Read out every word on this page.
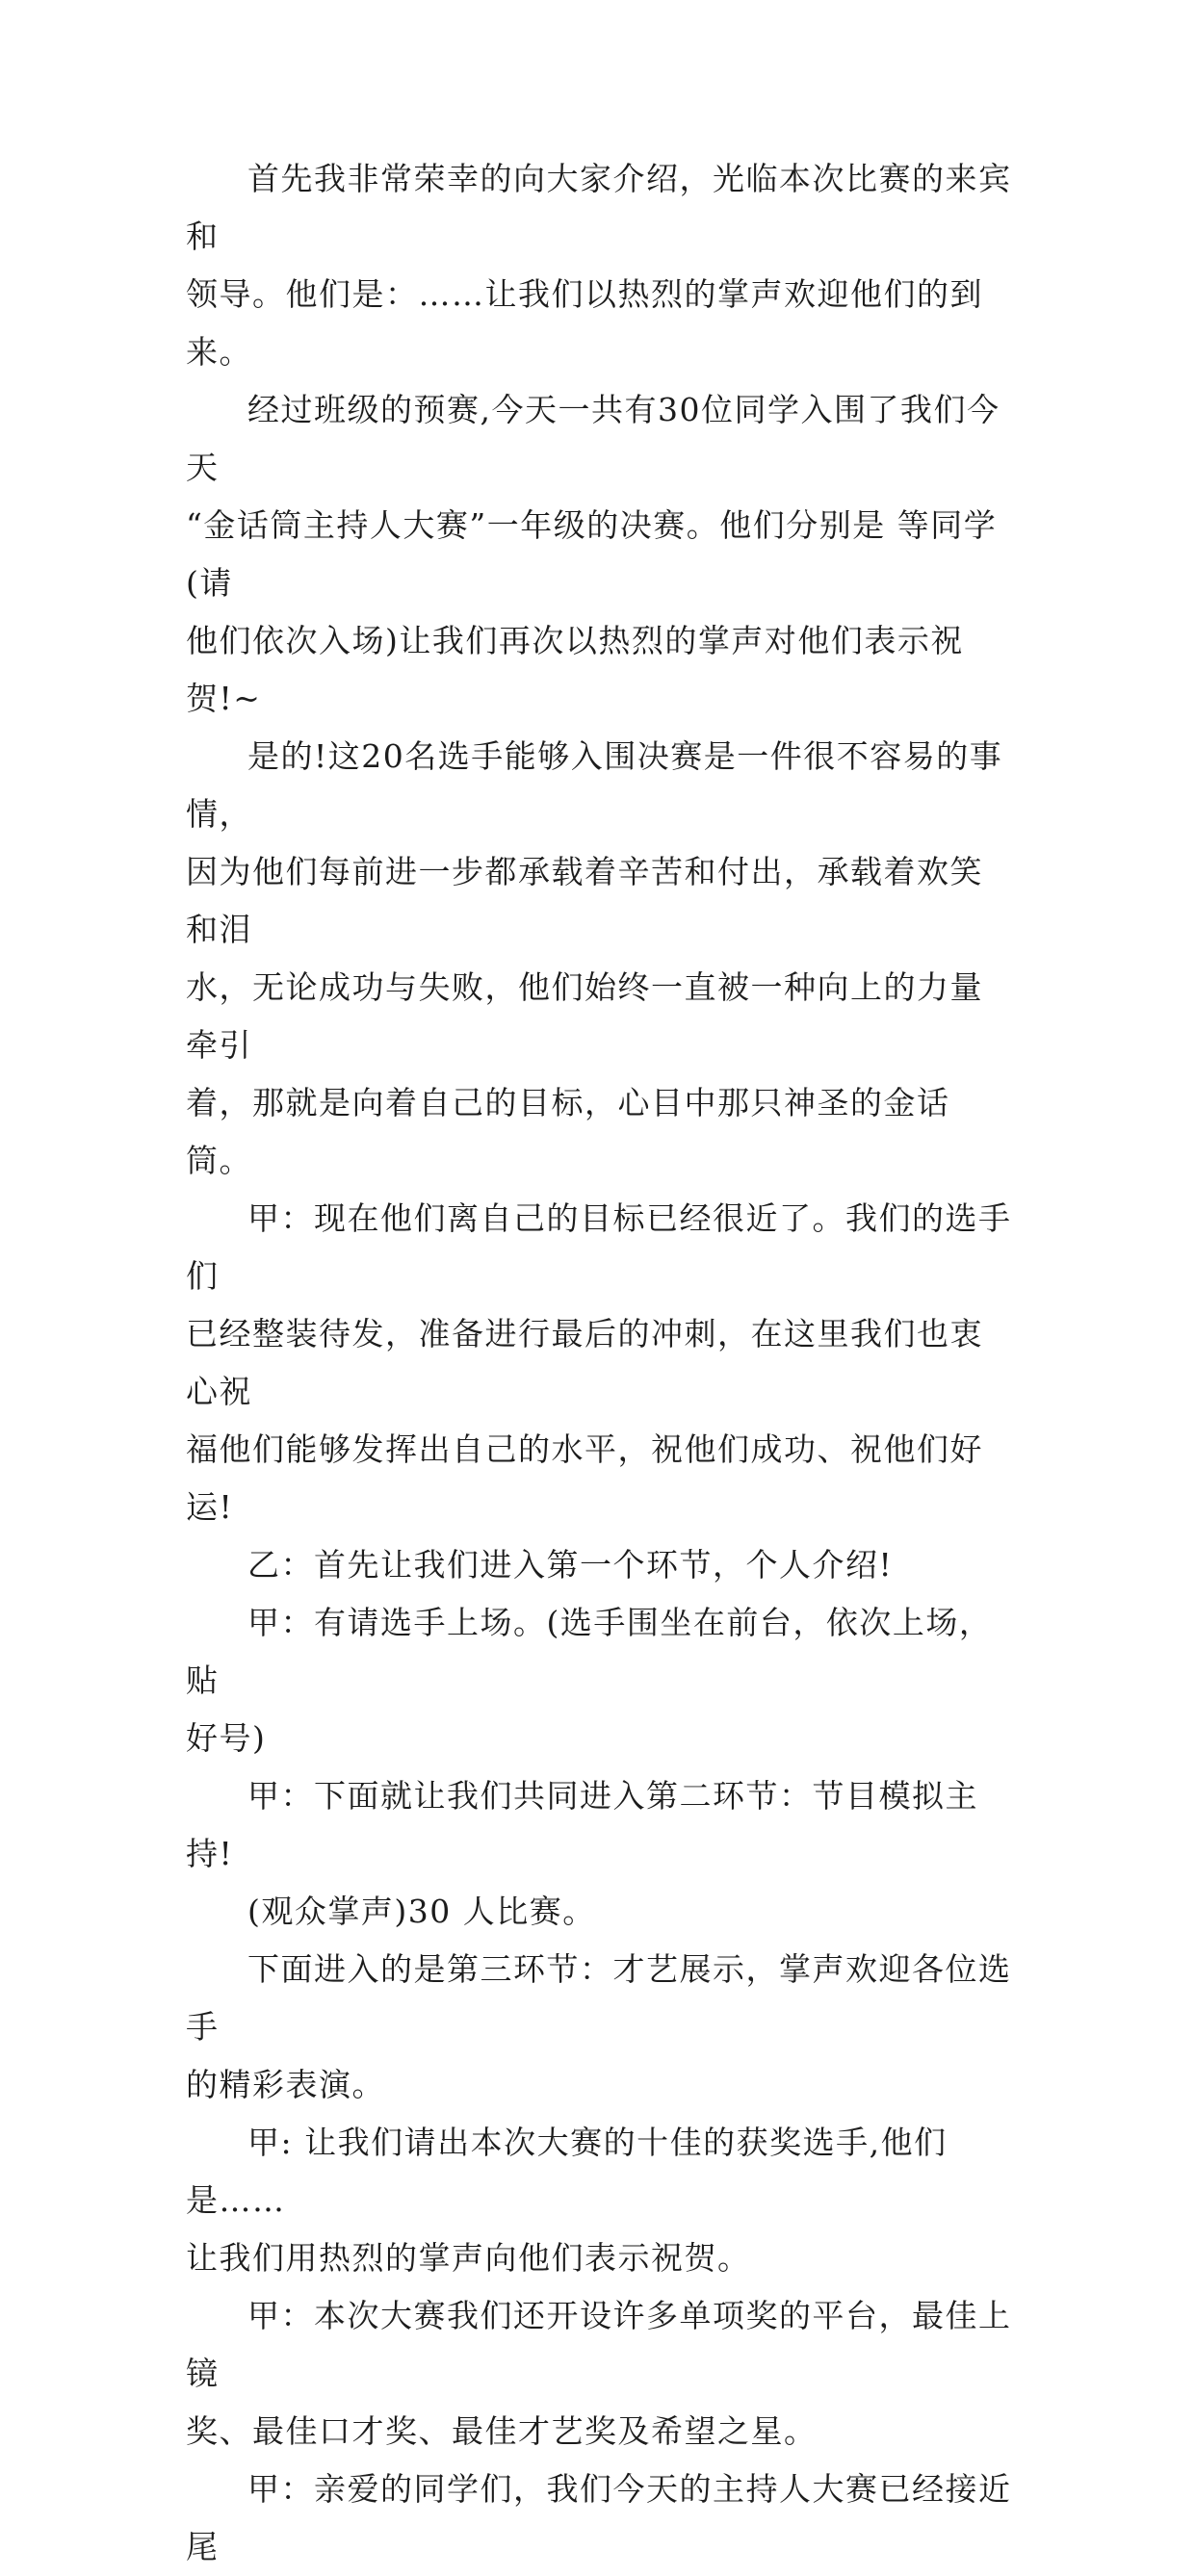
首先我非常荣幸的向大家介绍，光临本次比赛的来宾和
领导。他们是：……让我们以热烈的掌声欢迎他们的到来。

经过班级的预赛,今天一共有30位同学入围了我们今天
“金话筒主持人大赛”一年级的决赛。他们分别是 等同学(请
他们依次入场)让我们再次以热烈的掌声对他们表示祝贺!~

是的!这20名选手能够入围决赛是一件很不容易的事情，
因为他们每前进一步都承载着辛苦和付出，承载着欢笑和泪
水，无论成功与失败，他们始终一直被一种向上的力量牵引
着，那就是向着自己的目标，心目中那只神圣的金话筒。

甲：现在他们离自己的目标已经很近了。我们的选手们
已经整装待发，准备进行最后的冲刺，在这里我们也衷心祝
福他们能够发挥出自己的水平，祝他们成功、祝他们好运!

乙：首先让我们进入第一个环节，个人介绍!

甲：有请选手上场。(选手围坐在前台，依次上场，贴
好号)

甲：下面就让我们共同进入第二环节：节目模拟主持!

(观众掌声)30 人比赛。

下面进入的是第三环节：才艺展示，掌声欢迎各位选手
的精彩表演。

甲: 让我们请出本次大赛的十佳的获奖选手,他们是……
让我们用热烈的掌声向他们表示祝贺。

甲：本次大赛我们还开设许多单项奖的平台，最佳上镜
奖、最佳口才奖、最佳才艺奖及希望之星。

甲：亲爱的同学们，我们今天的主持人大赛已经接近尾
